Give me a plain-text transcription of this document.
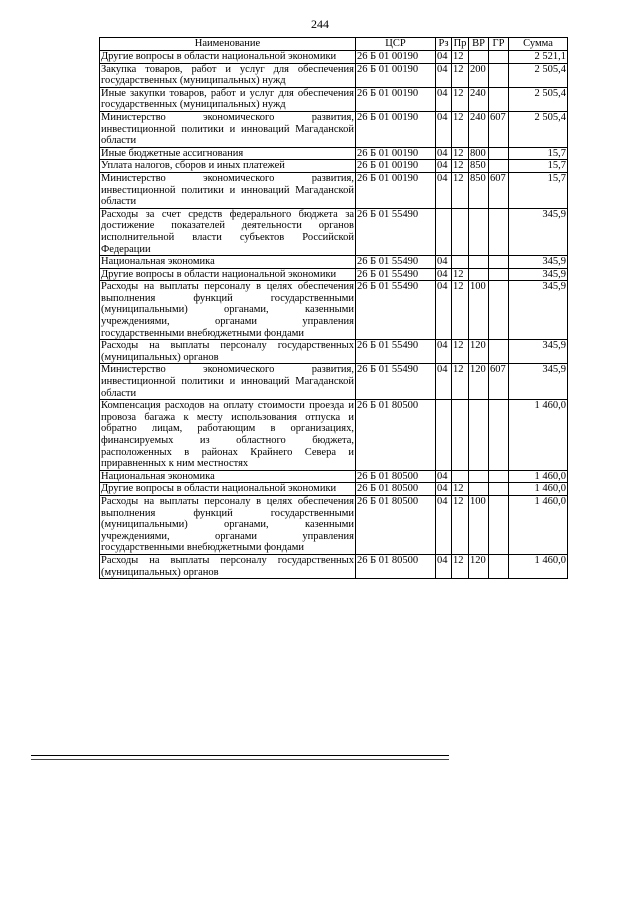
244
Наименование	ЦСР	Рз	Пр	ВР	ГР	Сумма
Другие вопросы в области национальной экономики	26 Б 01 00190	04	12			2 521,1
Закупка товаров, работ и услуг для обеспечения государственных (муниципальных) нужд	26 Б 01 00190	04	12	200		2 505,4
Иные закупки товаров, работ и услуг для обеспечения государственных (муниципальных) нужд	26 Б 01 00190	04	12	240		2 505,4
Министерство экономического развития, инвестиционной политики и инноваций Магаданской области	26 Б 01 00190	04	12	240	607	2 505,4
Иные бюджетные ассигнования	26 Б 01 00190	04	12	800		15,7
Уплата налогов, сборов и иных платежей	26 Б 01 00190	04	12	850		15,7
Министерство экономического развития, инвестиционной политики и инноваций Магаданской области	26 Б 01 00190	04	12	850	607	15,7
Расходы за счет средств федерального бюджета за достижение показателей деятельности органов исполнительной власти субъектов Российской Федерации	26 Б 01 55490					345,9
Национальная экономика	26 Б 01 55490	04				345,9
Другие вопросы в области национальной экономики	26 Б 01 55490	04	12			345,9
Расходы на выплаты персоналу в целях обеспечения выполнения функций государственными (муниципальными) органами, казенными учреждениями, органами управления государственными внебюджетными фондами	26 Б 01 55490	04	12	100		345,9
Расходы на выплаты персоналу государственных (муниципальных) органов	26 Б 01 55490	04	12	120		345,9
Министерство экономического развития, инвестиционной политики и инноваций Магаданской области	26 Б 01 55490	04	12	120	607	345,9
Компенсация расходов на оплату стоимости проезда и провоза багажа к месту использования отпуска и обратно лицам, работающим в организациях, финансируемых из областного бюджета, расположенных в районах Крайнего Севера и приравненных к ним местностях	26 Б 01 80500					1 460,0
Национальная экономика	26 Б 01 80500	04				1 460,0
Другие вопросы в области национальной экономики	26 Б 01 80500	04	12			1 460,0
Расходы на выплаты персоналу в целях обеспечения выполнения функций государственными (муниципальными) органами, казенными учреждениями, органами управления государственными внебюджетными фондами	26 Б 01 80500	04	12	100		1 460,0
Расходы на выплаты персоналу государственных (муниципальных) органов	26 Б 01 80500	04	12	120		1 460,0
